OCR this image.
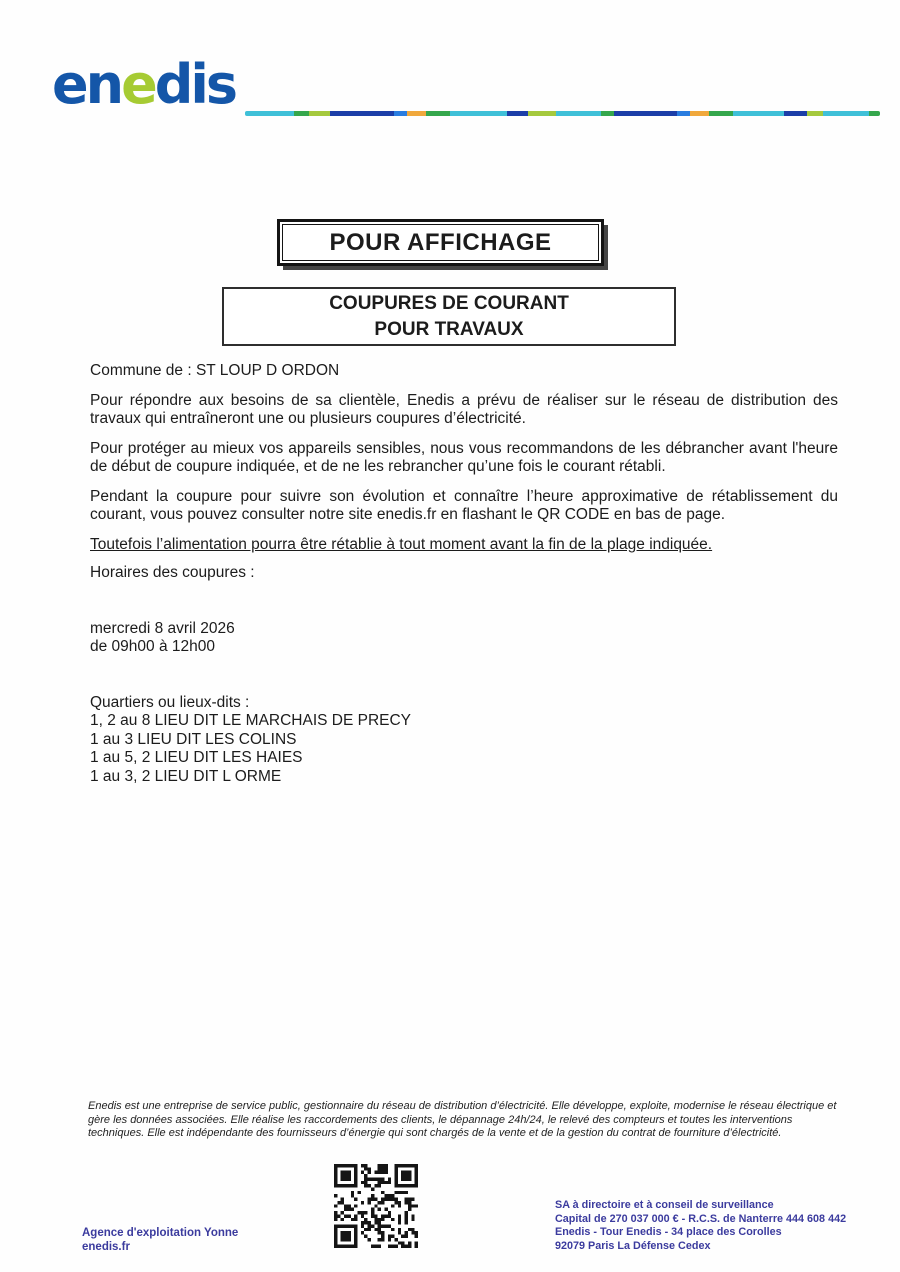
enedis
POUR AFFICHAGE
COUPURES DE COURANT
POUR TRAVAUX

Commune de : ST LOUP D ORDON

Pour répondre aux besoins de sa clientèle, Enedis a prévu de réaliser sur le réseau de distribution des travaux qui entraîneront une ou plusieurs coupures d’électricité.

Pour protéger au mieux vos appareils sensibles, nous vous recommandons de les débrancher avant l'heure de début de coupure indiquée, et de ne les rebrancher qu’une fois le courant rétabli.

Pendant la coupure pour suivre son évolution et connaître l’heure approximative de rétablissement du courant, vous pouvez consulter notre site enedis.fr en flashant le QR CODE en bas de page.

Toutefois l’alimentation pourra être rétablie à tout moment avant la fin de la plage indiquée.

Horaires des coupures :

mercredi 8 avril 2026
de 09h00 à 12h00
Quartiers ou lieux-dits :
1, 2 au 8 LIEU DIT LE MARCHAIS DE PRECY
1 au 3 LIEU DIT LES COLINS
1 au 5, 2 LIEU DIT LES HAIES
1 au 3, 2 LIEU DIT L ORME

Enedis est une entreprise de service public, gestionnaire du réseau de distribution d’électricité. Elle développe, exploite, modernise le réseau électrique et gère les données associées. Elle réalise les raccordements des clients, le dépannage 24h/24, le relevé des compteurs et toutes les interventions techniques. Elle est indépendante des fournisseurs d’énergie qui sont chargés de la vente et de la gestion du contrat de fourniture d’électricité.

Agence d'exploitation Yonne
enedis.fr
SA à directoire et à conseil de surveillance
Capital de 270 037 000 € - R.C.S. de Nanterre 444 608 442
Enedis - Tour Enedis - 34 place des Corolles
92079 Paris La Défense Cedex
